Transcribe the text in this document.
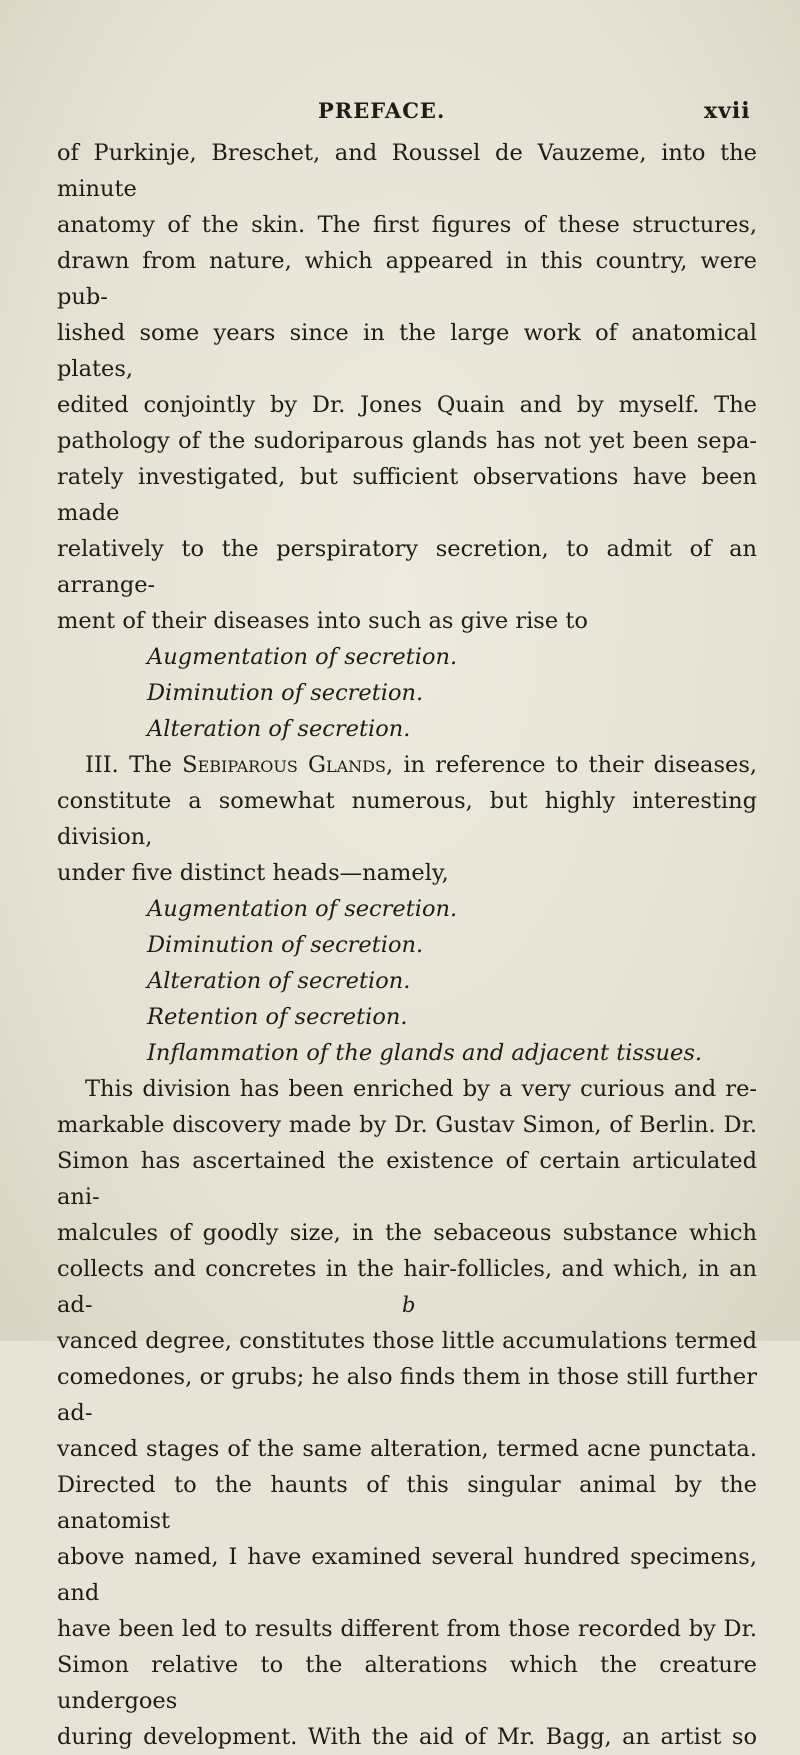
PREFACE.	xvii

of Purkinje, Breschet, and Roussel de Vauzeme, into the minute

anatomy of the skin. The first figures of these structures,

drawn from nature, which appeared in this country, were pub-

lished some years since in the large work of anatomical plates,

edited conjointly by Dr. Jones Quain and by myself. The

pathology of the sudoriparous glands has not yet been sepa-

rately investigated, but sufficient observations have been made

relatively to the perspiratory secretion, to admit of an arrange-

ment of their diseases into such as give rise to

Augmentation of secretion.
Diminution of secretion.
Alteration of secretion.

III. The Sebiparous Glands, in reference to their diseases,

constitute a somewhat numerous, but highly interesting division,

under five distinct heads—namely,

Augmentation of secretion.
Diminution of secretion.
Alteration of secretion.
Retention of secretion.
Inflammation of the glands and adjacent tissues.

This division has been enriched by a very curious and re-

markable discovery made by Dr. Gustav Simon, of Berlin. Dr.

Simon has ascertained the existence of certain articulated ani-

malcules of goodly size, in the sebaceous substance which

collects and concretes in the hair-follicles, and which, in an ad-

vanced degree, constitutes those little accumulations termed

comedones, or grubs; he also finds them in those still further ad-

vanced stages of the same alteration, termed acne punctata.

Directed to the haunts of this singular animal by the anatomist

above named, I have examined several hundred specimens, and

have been led to results different from those recorded by Dr.

Simon relative to the alterations which the creature undergoes

during development. With the aid of Mr. Bagg, an artist so

b
